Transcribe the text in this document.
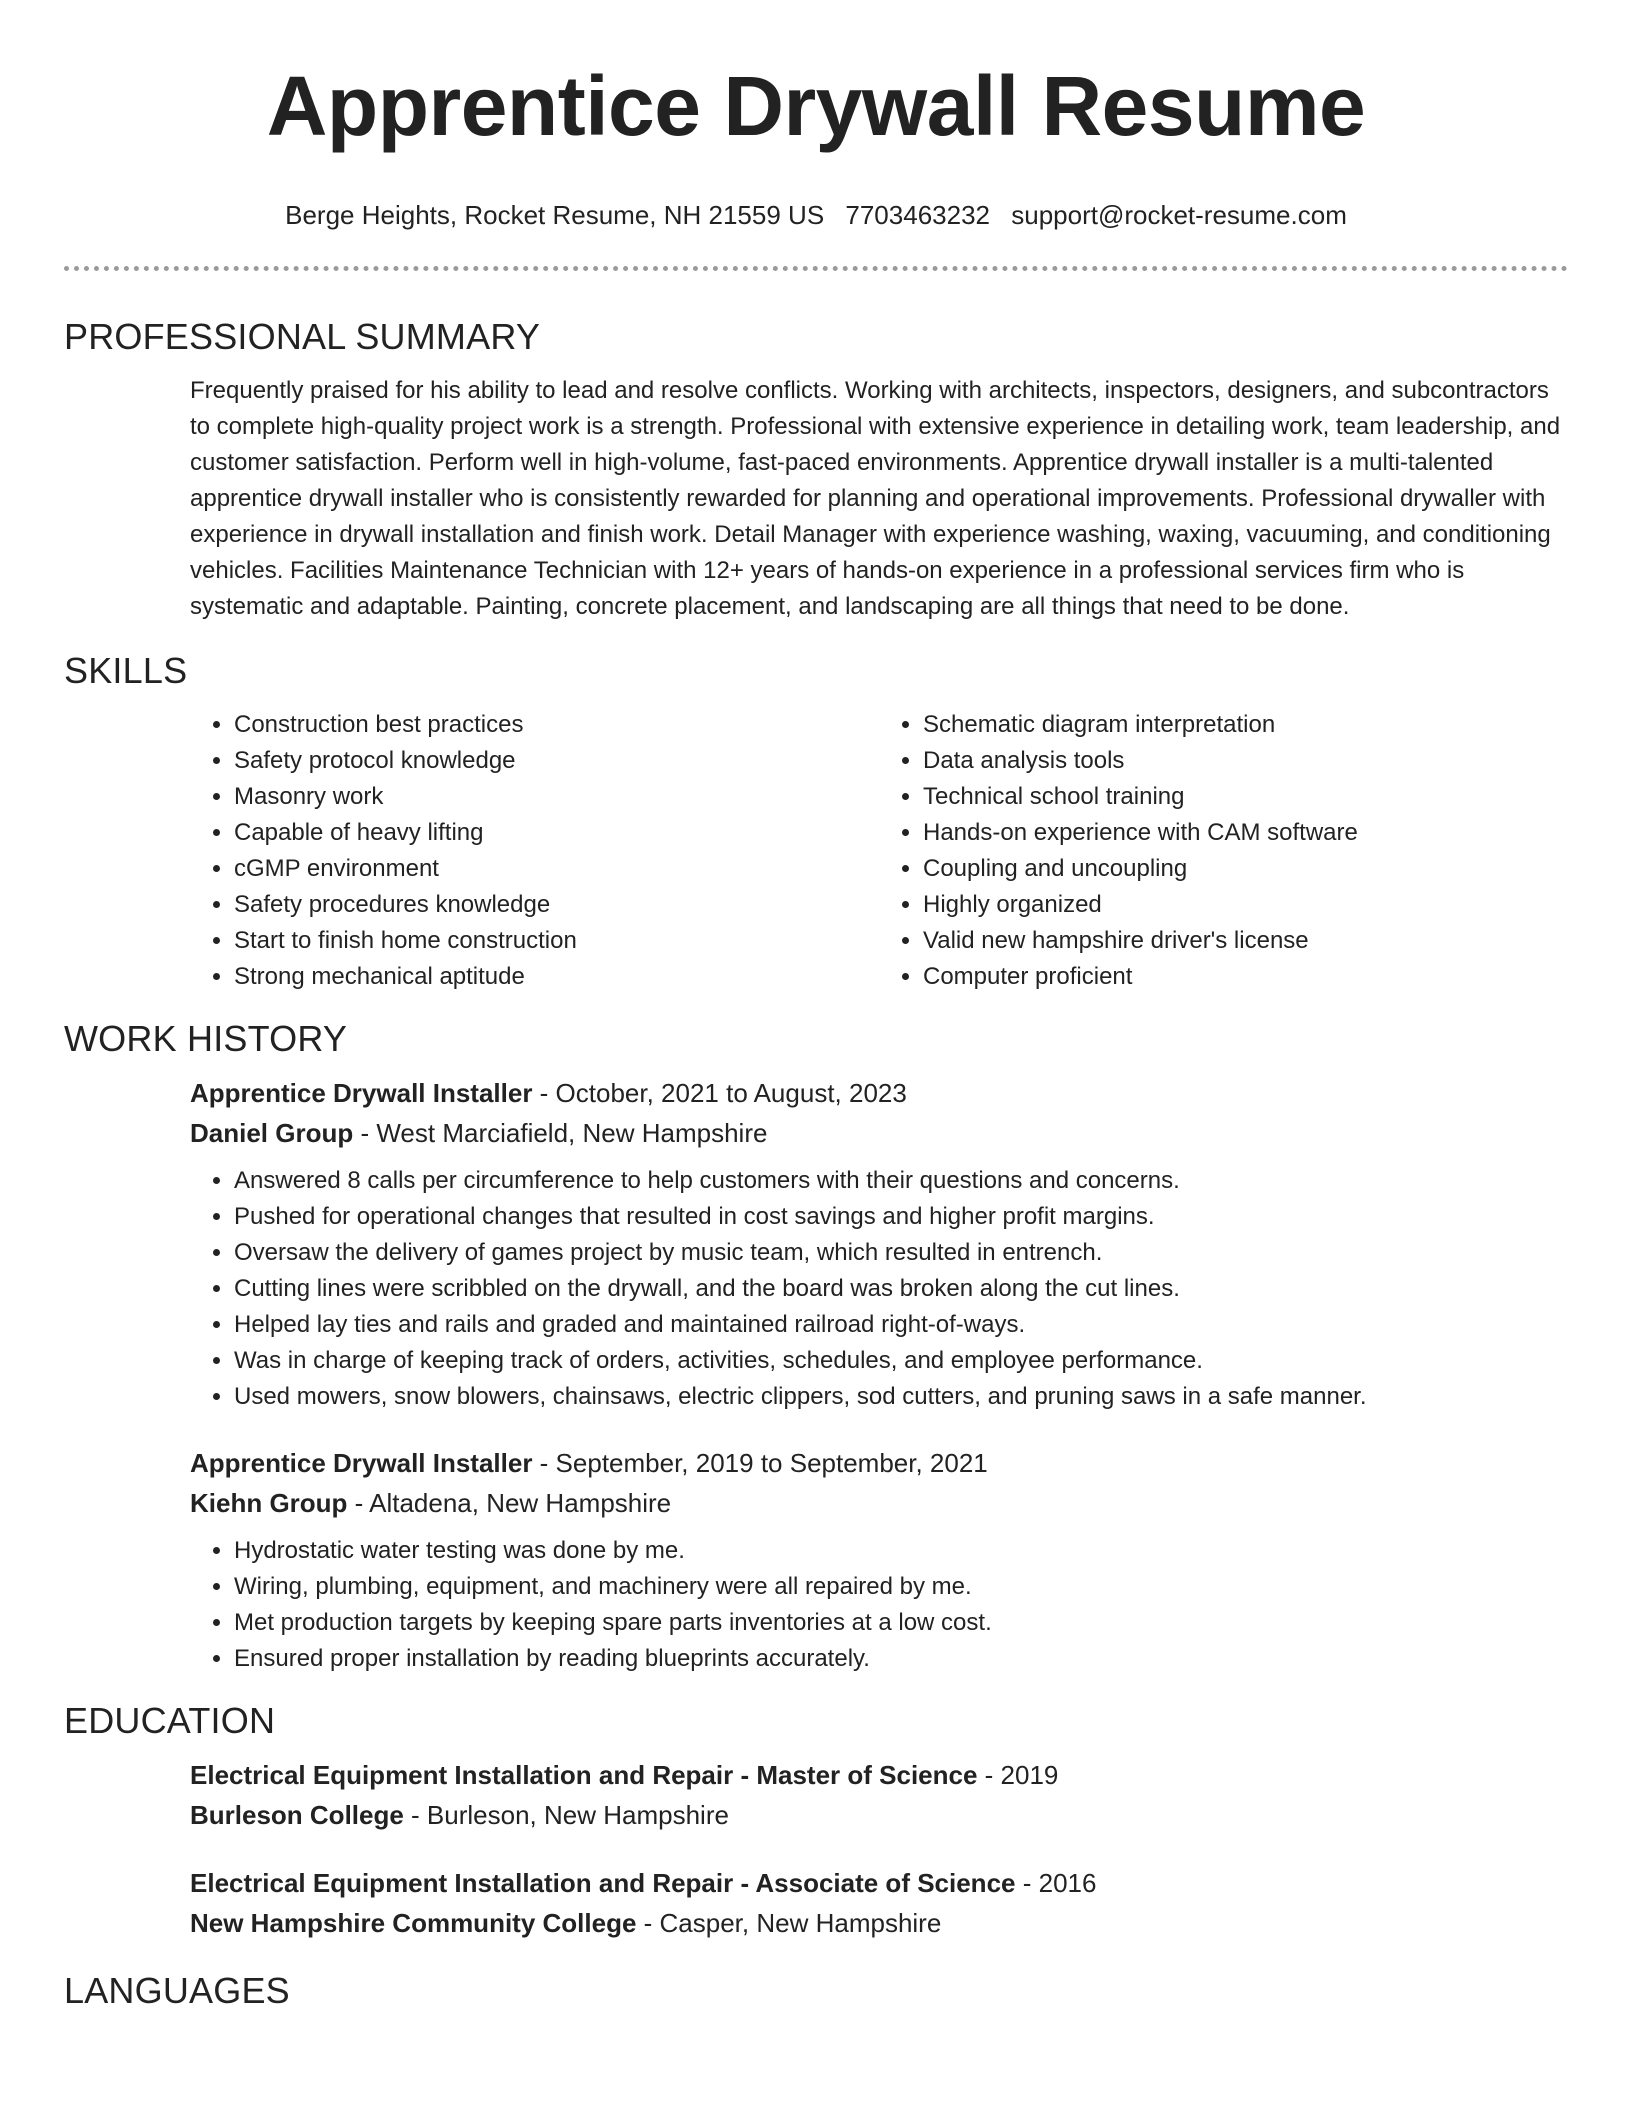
Apprentice Drywall Resume
Berge Heights, Rocket Resume, NH 21559 US 7703463232 support@rocket-resume.com
PROFESSIONAL SUMMARY

Frequently praised for his ability to lead and resolve conflicts. Working with architects, inspectors, designers, and subcontractors to complete high-quality project work is a strength. Professional with extensive experience in detailing work, team leadership, and customer satisfaction. Perform well in high-volume, fast-paced environments. Apprentice drywall installer is a multi-talented apprentice drywall installer who is consistently rewarded for planning and operational improvements. Professional drywaller with experience in drywall installation and finish work. Detail Manager with experience washing, waxing, vacuuming, and conditioning vehicles. Facilities Maintenance Technician with 12+ years of hands-on experience in a professional services firm who is systematic and adaptable. Painting, concrete placement, and landscaping are all things that need to be done.

SKILLS
• Construction best practices
• Safety protocol knowledge
• Masonry work
• Capable of heavy lifting
• cGMP environment
• Safety procedures knowledge
• Start to finish home construction
• Strong mechanical aptitude
• Schematic diagram interpretation
• Data analysis tools
• Technical school training
• Hands-on experience with CAM software
• Coupling and uncoupling
• Highly organized
• Valid new hampshire driver's license
• Computer proficient
WORK HISTORY
Apprentice Drywall Installer - October, 2021 to August, 2023
Daniel Group - West Marciafield, New Hampshire
• Answered 8 calls per circumference to help customers with their questions and concerns.
• Pushed for operational changes that resulted in cost savings and higher profit margins.
• Oversaw the delivery of games project by music team, which resulted in entrench.
• Cutting lines were scribbled on the drywall, and the board was broken along the cut lines.
• Helped lay ties and rails and graded and maintained railroad right-of-ways.
• Was in charge of keeping track of orders, activities, schedules, and employee performance.
• Used mowers, snow blowers, chainsaws, electric clippers, sod cutters, and pruning saws in a safe manner.
Apprentice Drywall Installer - September, 2019 to September, 2021
Kiehn Group - Altadena, New Hampshire
• Hydrostatic water testing was done by me.
• Wiring, plumbing, equipment, and machinery were all repaired by me.
• Met production targets by keeping spare parts inventories at a low cost.
• Ensured proper installation by reading blueprints accurately.
EDUCATION
Electrical Equipment Installation and Repair - Master of Science - 2019
Burleson College - Burleson, New Hampshire
Electrical Equipment Installation and Repair - Associate of Science - 2016
New Hampshire Community College - Casper, New Hampshire
LANGUAGES
